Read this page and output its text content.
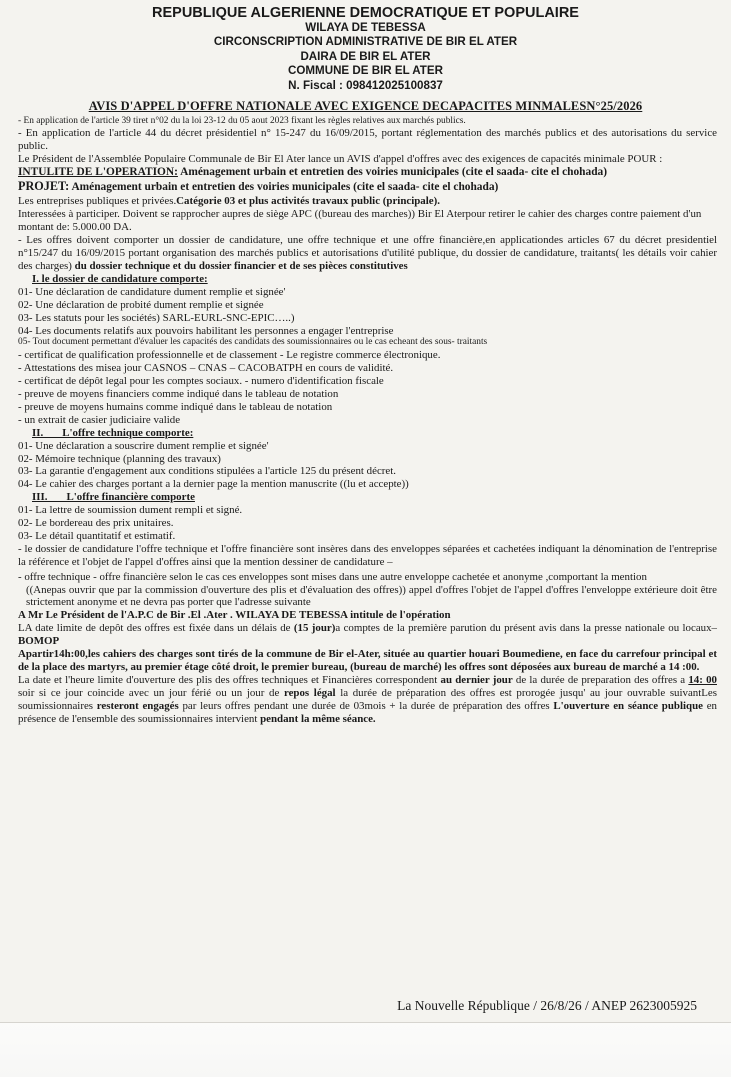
REPUBLIQUE ALGERIENNE DEMOCRATIQUE ET POPULAIRE
WILAYA DE TEBESSA
CIRCONSCRIPTION ADMINISTRATIVE DE BIR EL ATER
DAIRA DE BIR EL ATER
COMMUNE DE BIR EL ATER
N. Fiscal : 098412025100837
AVIS D'APPEL D'OFFRE NATIONALE AVEC EXIGENCE DECAPACITES MINMALESN°25/2026

- En application de l'article 39 tiret n°02 du la loi 23-12 du 05 aout 2023 fixant les règles relatives aux marchés publics.

- En application de l'article 44 du décret présidentiel n° 15-247 du 16/09/2015, portant réglementation des marchés publics et des autorisations du service public.

Le Président de l'Assemblée Populaire Communale de Bir El Ater lance un AVIS d'appel d'offres avec des exigences de capacités minimale POUR :

INTULITE DE L'OPERATION: Aménagement urbain et entretien des voiries municipales (cite el saada- cite el chohada)

PROJET: Aménagement urbain et entretien des voiries municipales (cite el saada- cite el chohada)

Les entreprises publiques et privées.Catégorie 03 et plus activités travaux public (principale).

Interessées à participer. Doivent se rapprocher aupres de siège APC ((bureau des marches)) Bir El Aterpour retirer le cahier des charges contre paiement d'un montant de: 5.000.00 DA.

- Les offres doivent comporter un dossier de candidature, une offre technique et une offre financière,en applicationdes articles 67 du décret presidentiel n°15/247 du 16/09/2015 portant organisation des marchés publics et autorisations d'utilité publique, du dossier de candidature, traitants( les détails voir cahier des charges) du dossier technique et du dossier financier et de ses pièces constitutives

I. le dossier de candidature comporte:

01- Une déclaration de candidature dument remplie et signée'

02- Une déclaration de probité dument remplie et signée

03- Les statuts pour les sociétés) SARL-EURL-SNC-EPIC…..)

04- Les documents relatifs aux pouvoirs habilitant les personnes a engager l'entreprise

05- Tout document permettant d'évaluer les capacités des candidats des soumissionnaires ou le cas echeant des sous- traitants

- certificat de qualification professionnelle et de classement - Le registre commerce électronique.

- Attestations des misea jour CASNOS – CNAS – CACOBATPH en cours de validité.

- certificat de dépôt legal pour les comptes sociaux. - numero d'identification fiscale

- preuve de moyens financiers comme indiqué dans le tableau de notation

- preuve de moyens humains comme indiqué dans le tableau de notation

- un extrait de casier judiciaire valide

II.       L'offre technique comporte:

01- Une déclaration a souscrire dument remplie et signée'

02- Mémoire technique (planning des travaux)

03- La garantie d'engagement aux conditions stipulées a l'article 125 du présent décret.

04- Le cahier des charges portant a la dernier page la mention manuscrite ((lu et accepte))

III.       L'offre financière comporte

01- La lettre de soumission dument rempli et signé.

02- Le bordereau des prix unitaires.

03- Le détail quantitatif et estimatif.

- le dossier de candidature l'offre technique et l'offre financière sont insères dans des enveloppes séparées et cachetées indiquant la dénomination de l'entreprise la référence et l'objet de l'appel d'offres ainsi que la mention dessiner de candidature –

- offre technique - offre financière selon le cas ces enveloppes sont mises dans une autre enveloppe cachetée et anonyme ,comportant la mention

((Anepas ouvrir que par la commission d'ouverture des plis et d'évaluation des offres)) appel d'offres l'objet de l'appel d'offres l'enveloppe extérieure doit être strictement anonyme et ne devra pas porter que l'adresse suivante

A Mr Le Président de l'A.P.C de Bir .El .Ater . WILAYA DE TEBESSA intitule de l'opération

LA date limite de depôt des offres est fixée dans un délais de (15 jour)a comptes de la première parution du présent avis dans la presse nationale ou locaux– BOMOP

Apartir14h:00,les cahiers des charges sont tirés de la commune de Bir el-Ater, située au quartier houari Boumediene, en face du carrefour principal et de la place des martyrs, au premier étage côté droit, le premier bureau, (bureau de marché) les offres sont déposées aux bureau de marché a 14 :00.

La date et l'heure limite d'ouverture des plis des offres techniques et Financières correspondent au dernier jour de la durée de preparation des offres a 14: 00 soir si ce jour coincide avec un jour férié ou un jour de repos légal la durée de préparation des offres est prorogée jusqu' au jour ouvrable suivantLes soumissionnaires resteront engagés par leurs offres pendant une durée de 03mois + la durée de préparation des offres L'ouverture en séance publique en présence de l'ensemble des soumissionnaires intervient pendant la même séance.

La Nouvelle République / 26/8/26 / ANEP 2623005925
